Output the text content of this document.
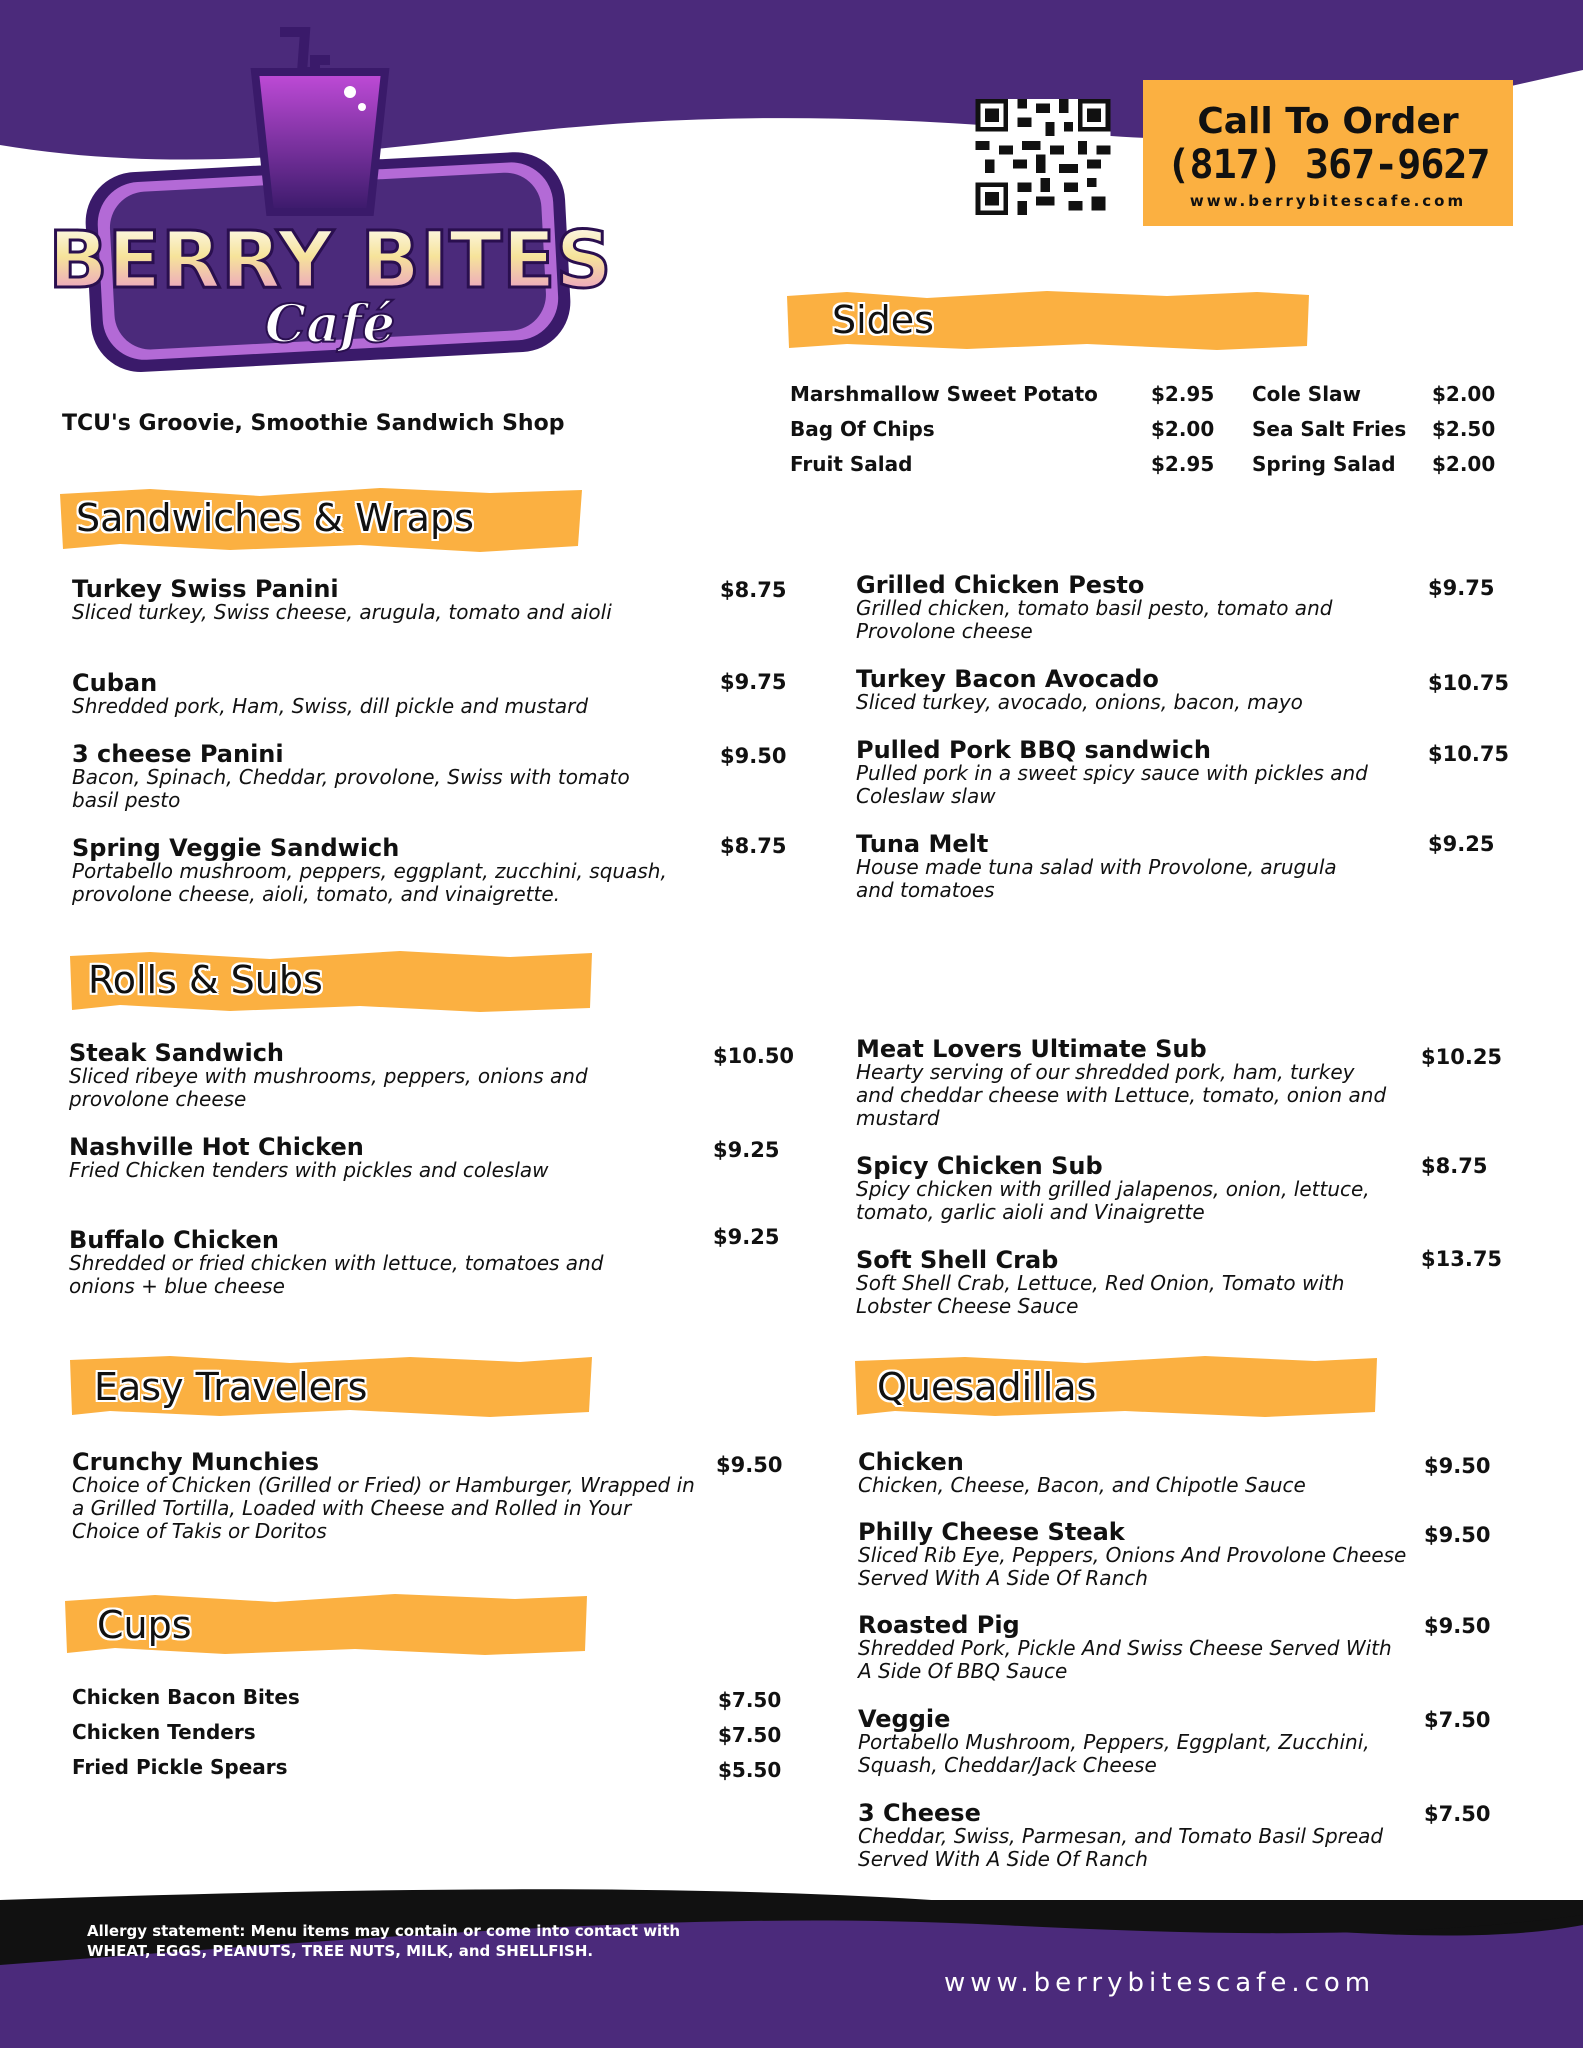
BERRY BITES
Café
TCU's Groovie, Smoothie Sandwich Shop
Call To Order
(817) 367-9627
www.berrybitescafe.com
Sides
Marshmallow Sweet Potato	$2.95
Bag Of Chips	$2.00
Fruit Salad	$2.95
Cole Slaw	$2.00
Sea Salt Fries $2.50
Spring Salad $2.00
Sandwiches & Wraps
Turkey Swiss Panini
Sliced turkey, Swiss cheese, arugula, tomato and aioli
$8.75
Cuban
Shredded pork, Ham, Swiss, dill pickle and mustard
$9.75
3 cheese Panini
Bacon, Spinach, Cheddar, provolone, Swiss with tomato basil pesto
$9.50
Spring Veggie Sandwich
Portabello mushroom, peppers, eggplant, zucchini, squash, provolone cheese, aioli, tomato, and vinaigrette.
$8.75
Grilled Chicken Pesto
Grilled chicken, tomato basil pesto, tomato and Provolone cheese
$9.75
Turkey Bacon Avocado
Sliced turkey, avocado, onions, bacon, mayo
$10.75
Pulled Pork BBQ sandwich
Pulled pork in a sweet spicy sauce with pickles and Coleslaw slaw
$10.75
Tuna Melt
House made tuna salad with Provolone, arugula and tomatoes
$9.25
Rolls & Subs
Steak Sandwich
Sliced ribeye with mushrooms, peppers, onions and provolone cheese
$10.50
Nashville Hot Chicken
Fried Chicken tenders with pickles and coleslaw
$9.25
Buffalo Chicken
Shredded or fried chicken with lettuce, tomatoes and onions + blue cheese
$9.25
Meat Lovers Ultimate Sub
Hearty serving of our shredded pork, ham, turkey and cheddar cheese with Lettuce, tomato, onion and mustard
$10.25
Spicy Chicken Sub
Spicy chicken with grilled jalapenos, onion, lettuce, tomato, garlic aioli and Vinaigrette
$8.75
Soft Shell Crab
Soft Shell Crab, Lettuce, Red Onion, Tomato with Lobster Cheese Sauce
$13.75
Easy Travelers
Crunchy Munchies
Choice of Chicken (Grilled or Fried) or Hamburger, Wrapped in a Grilled Tortilla, Loaded with Cheese and Rolled in Your Choice of Takis or Doritos
$9.50
Cups
Chicken Bacon Bites	$7.50
Chicken Tenders	$7.50
Fried Pickle Spears	$5.50
Quesadillas
Chicken
Chicken, Cheese, Bacon, and Chipotle Sauce
$9.50
Philly Cheese Steak
Sliced Rib Eye, Peppers, Onions And Provolone Cheese Served With A Side Of Ranch
$9.50
Roasted Pig
Shredded Pork, Pickle And Swiss Cheese Served With A Side Of BBQ Sauce
$9.50
Veggie
Portabello Mushroom, Peppers, Eggplant, Zucchini, Squash, Cheddar/Jack Cheese
$7.50
3 Cheese
Cheddar, Swiss, Parmesan, and Tomato Basil Spread Served With A Side Of Ranch
$7.50
Allergy statement: Menu items may contain or come into contact with WHEAT, EGGS, PEANUTS, TREE NUTS, MILK, and SHELLFISH.
www.berrybitescafe.com
